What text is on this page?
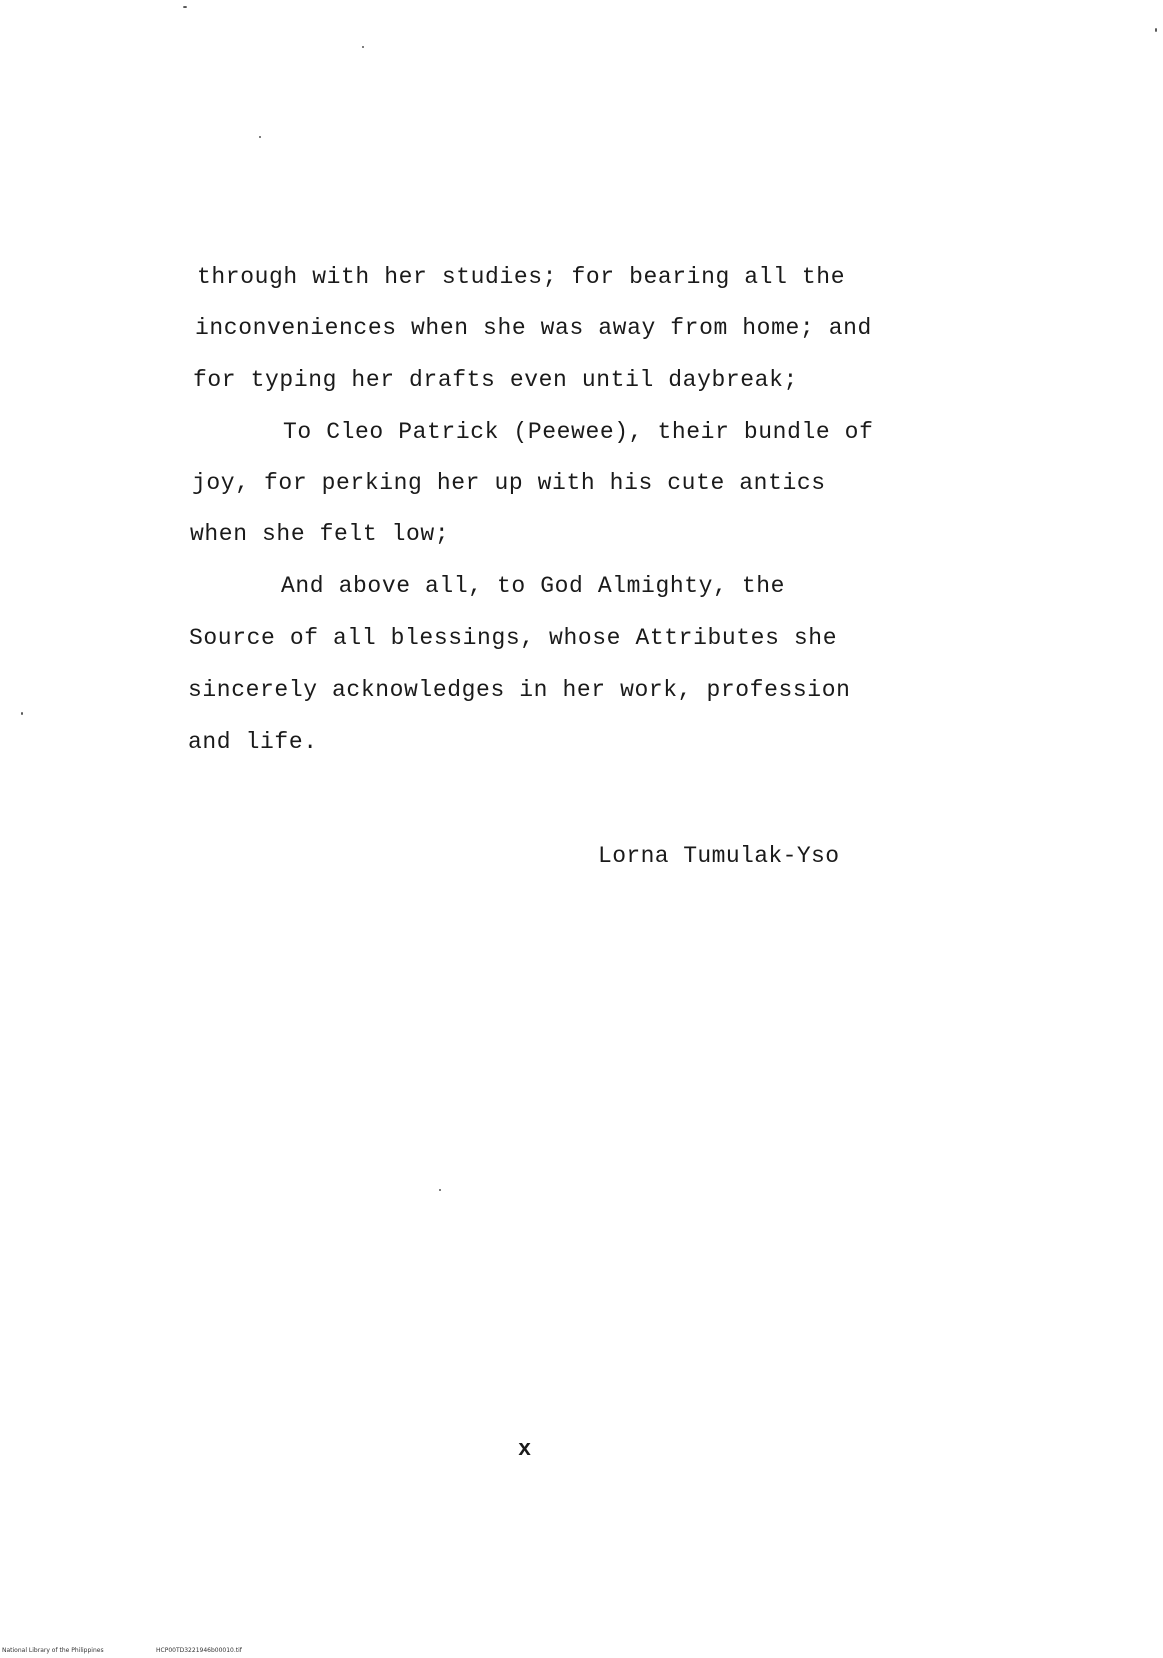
through with her studies; for bearing all the
inconveniences when she was away from home; and
for typing her drafts even until daybreak;
To Cleo Patrick (Peewee), their bundle of
joy, for perking her up with his cute antics
when she felt low;
And above all, to God Almighty, the
Source of all blessings, whose Attributes she
sincerely acknowledges in her work, profession
and life.
Lorna Tumulak-Yso
x
National Library of the Philippines	HCP00TD3221946b00010.tif
